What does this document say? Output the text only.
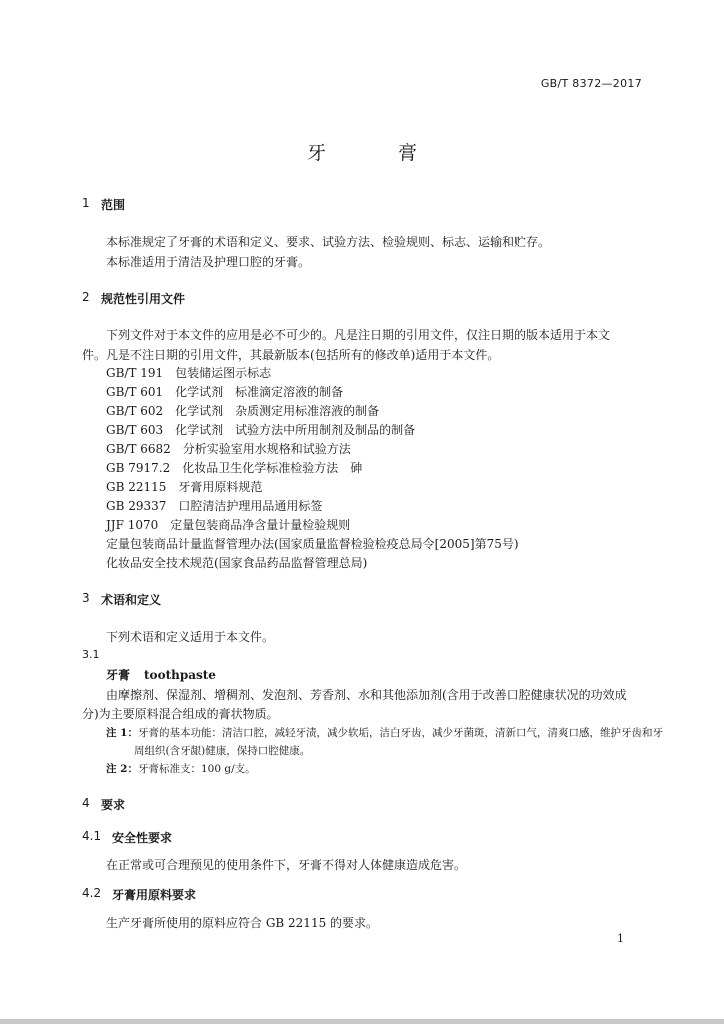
GB/T 8372—2017
牙	膏
1 范围
本标准规定了牙膏的术语和定义、要求、试验方法、检验规则、标志、运输和贮存。
本标准适用于清洁及护理口腔的牙膏。
2 规范性引用文件
下列文件对于本文件的应用是必不可少的。凡是注日期的引用文件，仅注日期的版本适用于本文
件。凡是不注日期的引用文件，其最新版本(包括所有的修改单)适用于本文件。
GB/T 191　包装储运图示标志
GB/T 601　化学试剂　标准滴定溶液的制备
GB/T 602　化学试剂　杂质测定用标准溶液的制备
GB/T 603　化学试剂　试验方法中所用制剂及制品的制备
GB/T 6682　分析实验室用水规格和试验方法
GB 7917.2　化妆品卫生化学标准检验方法　砷
GB 22115　牙膏用原料规范
GB 29337　口腔清洁护理用品通用标签
JJF 1070　定量包装商品净含量计量检验规则
定量包装商品计量监督管理办法(国家质量监督检验检疫总局令[2005]第75号)
化妆品安全技术规范(国家食品药品监督管理总局)
3 术语和定义
下列术语和定义适用于本文件。
3.1
牙膏 toothpaste
由摩擦剂、保湿剂、增稠剂、发泡剂、芳香剂、水和其他添加剂(含用于改善口腔健康状况的功效成
分)为主要原料混合组成的膏状物质。
注 1：牙膏的基本功能：清洁口腔，减轻牙渍，减少软垢，洁白牙齿，减少牙菌斑，清新口气，清爽口感，维护牙齿和牙
周组织(含牙龈)健康，保持口腔健康。
注 2：牙膏标准支：100 g/支。
4 要求
4.1 安全性要求
在正常或可合理预见的使用条件下，牙膏不得对人体健康造成危害。
4.2 牙膏用原料要求
生产牙膏所使用的原料应符合 GB 22115 的要求。
1
